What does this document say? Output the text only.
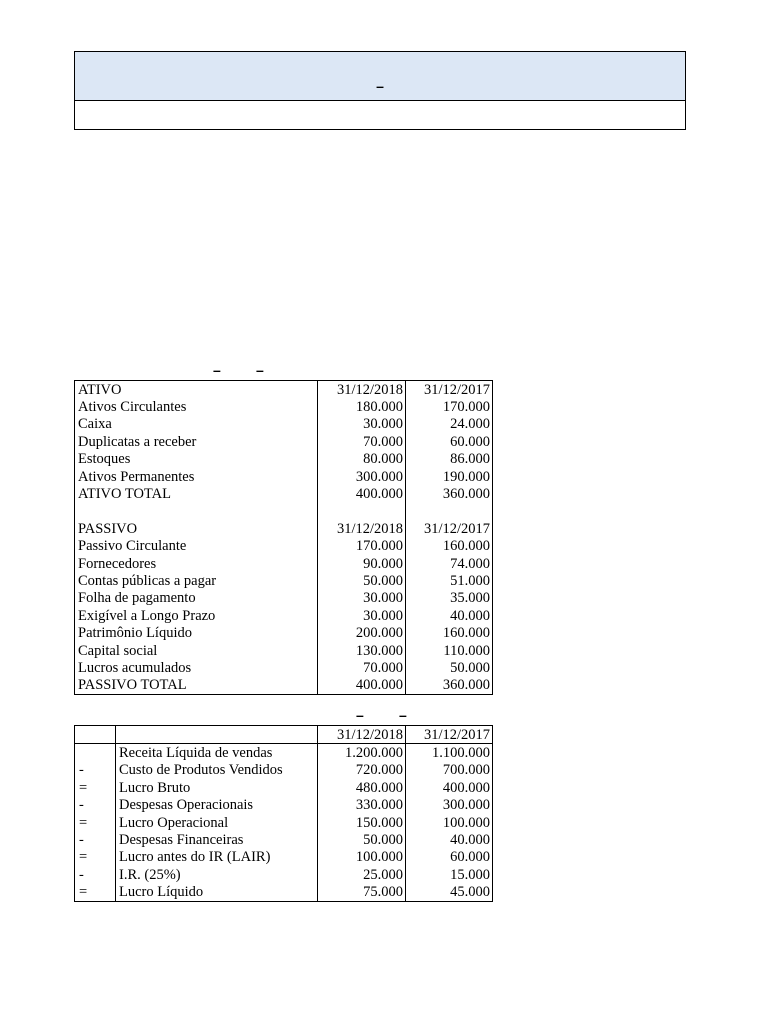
–
–	–
ATIVO	31/12/2018	31/12/2017
Ativos Circulantes	180.000	170.000
Caixa	30.000	24.000
Duplicatas a receber	70.000	60.000
Estoques	80.000	86.000
Ativos Permanentes	300.000	190.000
ATIVO TOTAL	400.000	360.000

PASSIVO	31/12/2018	31/12/2017
Passivo Circulante	170.000	160.000
Fornecedores	90.000	74.000
Contas públicas a pagar	50.000	51.000
Folha de pagamento	30.000	35.000
Exigível a Longo Prazo	30.000	40.000
Patrimônio Líquido	200.000	160.000
Capital social	130.000	110.000
Lucros acumulados	70.000	50.000
PASSIVO TOTAL	400.000	360.000
–	–
		31/12/2018	31/12/2017
	Receita Líquida de vendas	1.200.000	1.100.000
-	Custo de Produtos Vendidos	720.000	700.000
=	Lucro Bruto	480.000	400.000
-	Despesas Operacionais	330.000	300.000
=	Lucro Operacional	150.000	100.000
-	Despesas Financeiras	50.000	40.000
=	Lucro antes do IR (LAIR)	100.000	60.000
-	I.R. (25%)	25.000	15.000
=	Lucro Líquido	75.000	45.000
